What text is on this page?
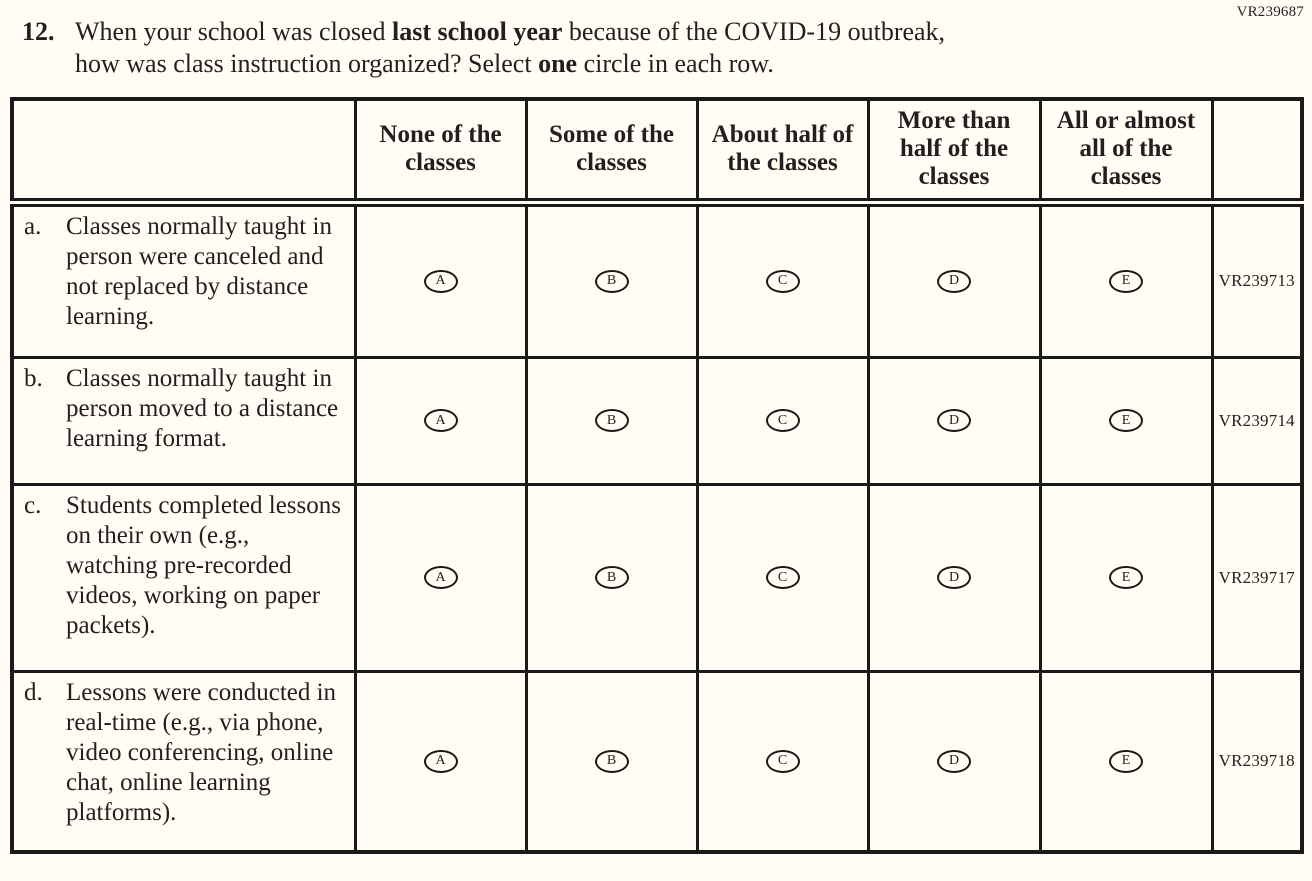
VR239687
12. When your school was closed last school year because of the COVID-19 outbreak,
how was class instruction organized? Select one circle in each row.
	None of the classes	Some of the classes	About half of the classes	More than half of the classes	All or almost all of the classes	

a. Classes normally taught in person were canceled and not replaced by distance learning.	A	B	C	D	E	VR239713

b. Classes normally taught in person moved to a distance learning format.	A	B	C	D	E	VR239714

c. Students completed lessons on their own (e.g., watching pre-recorded videos, working on paper packets).	A	B	C	D	E	VR239717

d. Lessons were conducted in real-time (e.g., via phone, video conferencing, online chat, online learning platforms).	A	B	C	D	E	VR239718
